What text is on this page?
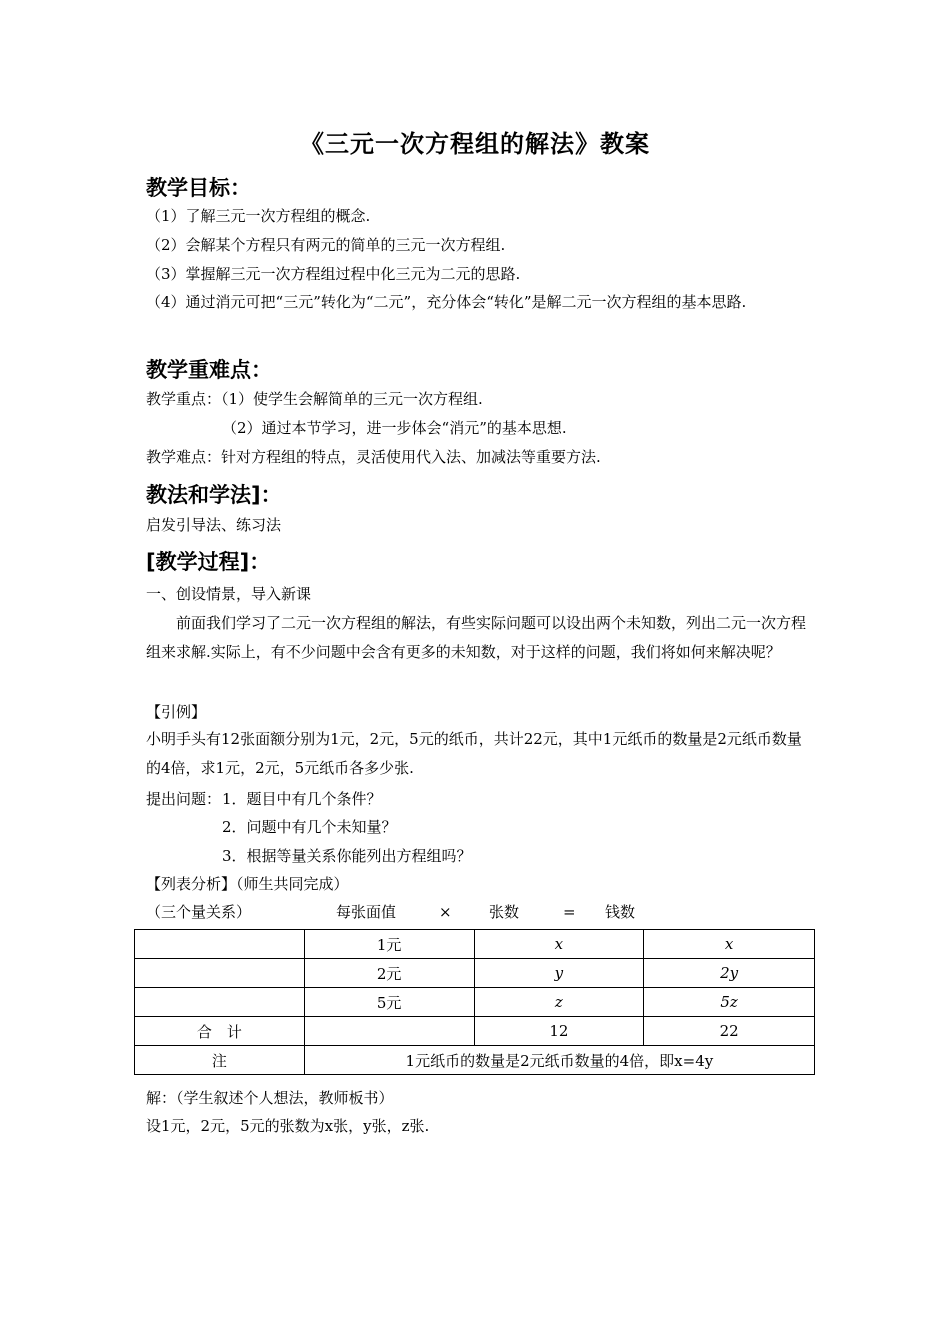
《三元一次方程组的解法》教案
教学目标：
（1）了解三元一次方程组的概念.
（2）会解某个方程只有两元的简单的三元一次方程组.
（3）掌握解三元一次方程组过程中化三元为二元的思路.
（4）通过消元可把“三元”转化为“二元”，充分体会“转化”是解二元一次方程组的基本思路.
教学重难点：
教学重点：（1）使学生会解简单的三元一次方程组.
（2）通过本节学习，进一步体会“消元”的基本思想.
教学难点：针对方程组的特点，灵活使用代入法、加减法等重要方法.
教法和学法]：
启发引导法、练习法
[教学过程]：
一、创设情景，导入新课
前面我们学习了二元一次方程组的解法，有些实际问题可以设出两个未知数，列出二元一次方程组来求解.实际上，有不少问题中会含有更多的未知数，对于这样的问题，我们将如何来解决呢？
【引例】
小明手头有12张面额分别为1元，2元，5元的纸币，共计22元，其中1元纸币的数量是2元纸币数量的4倍，求1元，2元，5元纸币各多少张.
提出问题： 1．题目中有几个条件？
2．问题中有几个未知量？
3．根据等量关系你能列出方程组吗？
【列表分析】（师生共同完成）
（三个量关系）	每张面值	× 张数	= 钱数
	1元	x	x
	2元	y	2y
	5元	z	5z
合　计		12	22
注	1元纸币的数量是2元纸币数量的4倍，即x=4y		
解：（学生叙述个人想法，教师板书）
设1元，2元，5元的张数为x张，y张，z张.
